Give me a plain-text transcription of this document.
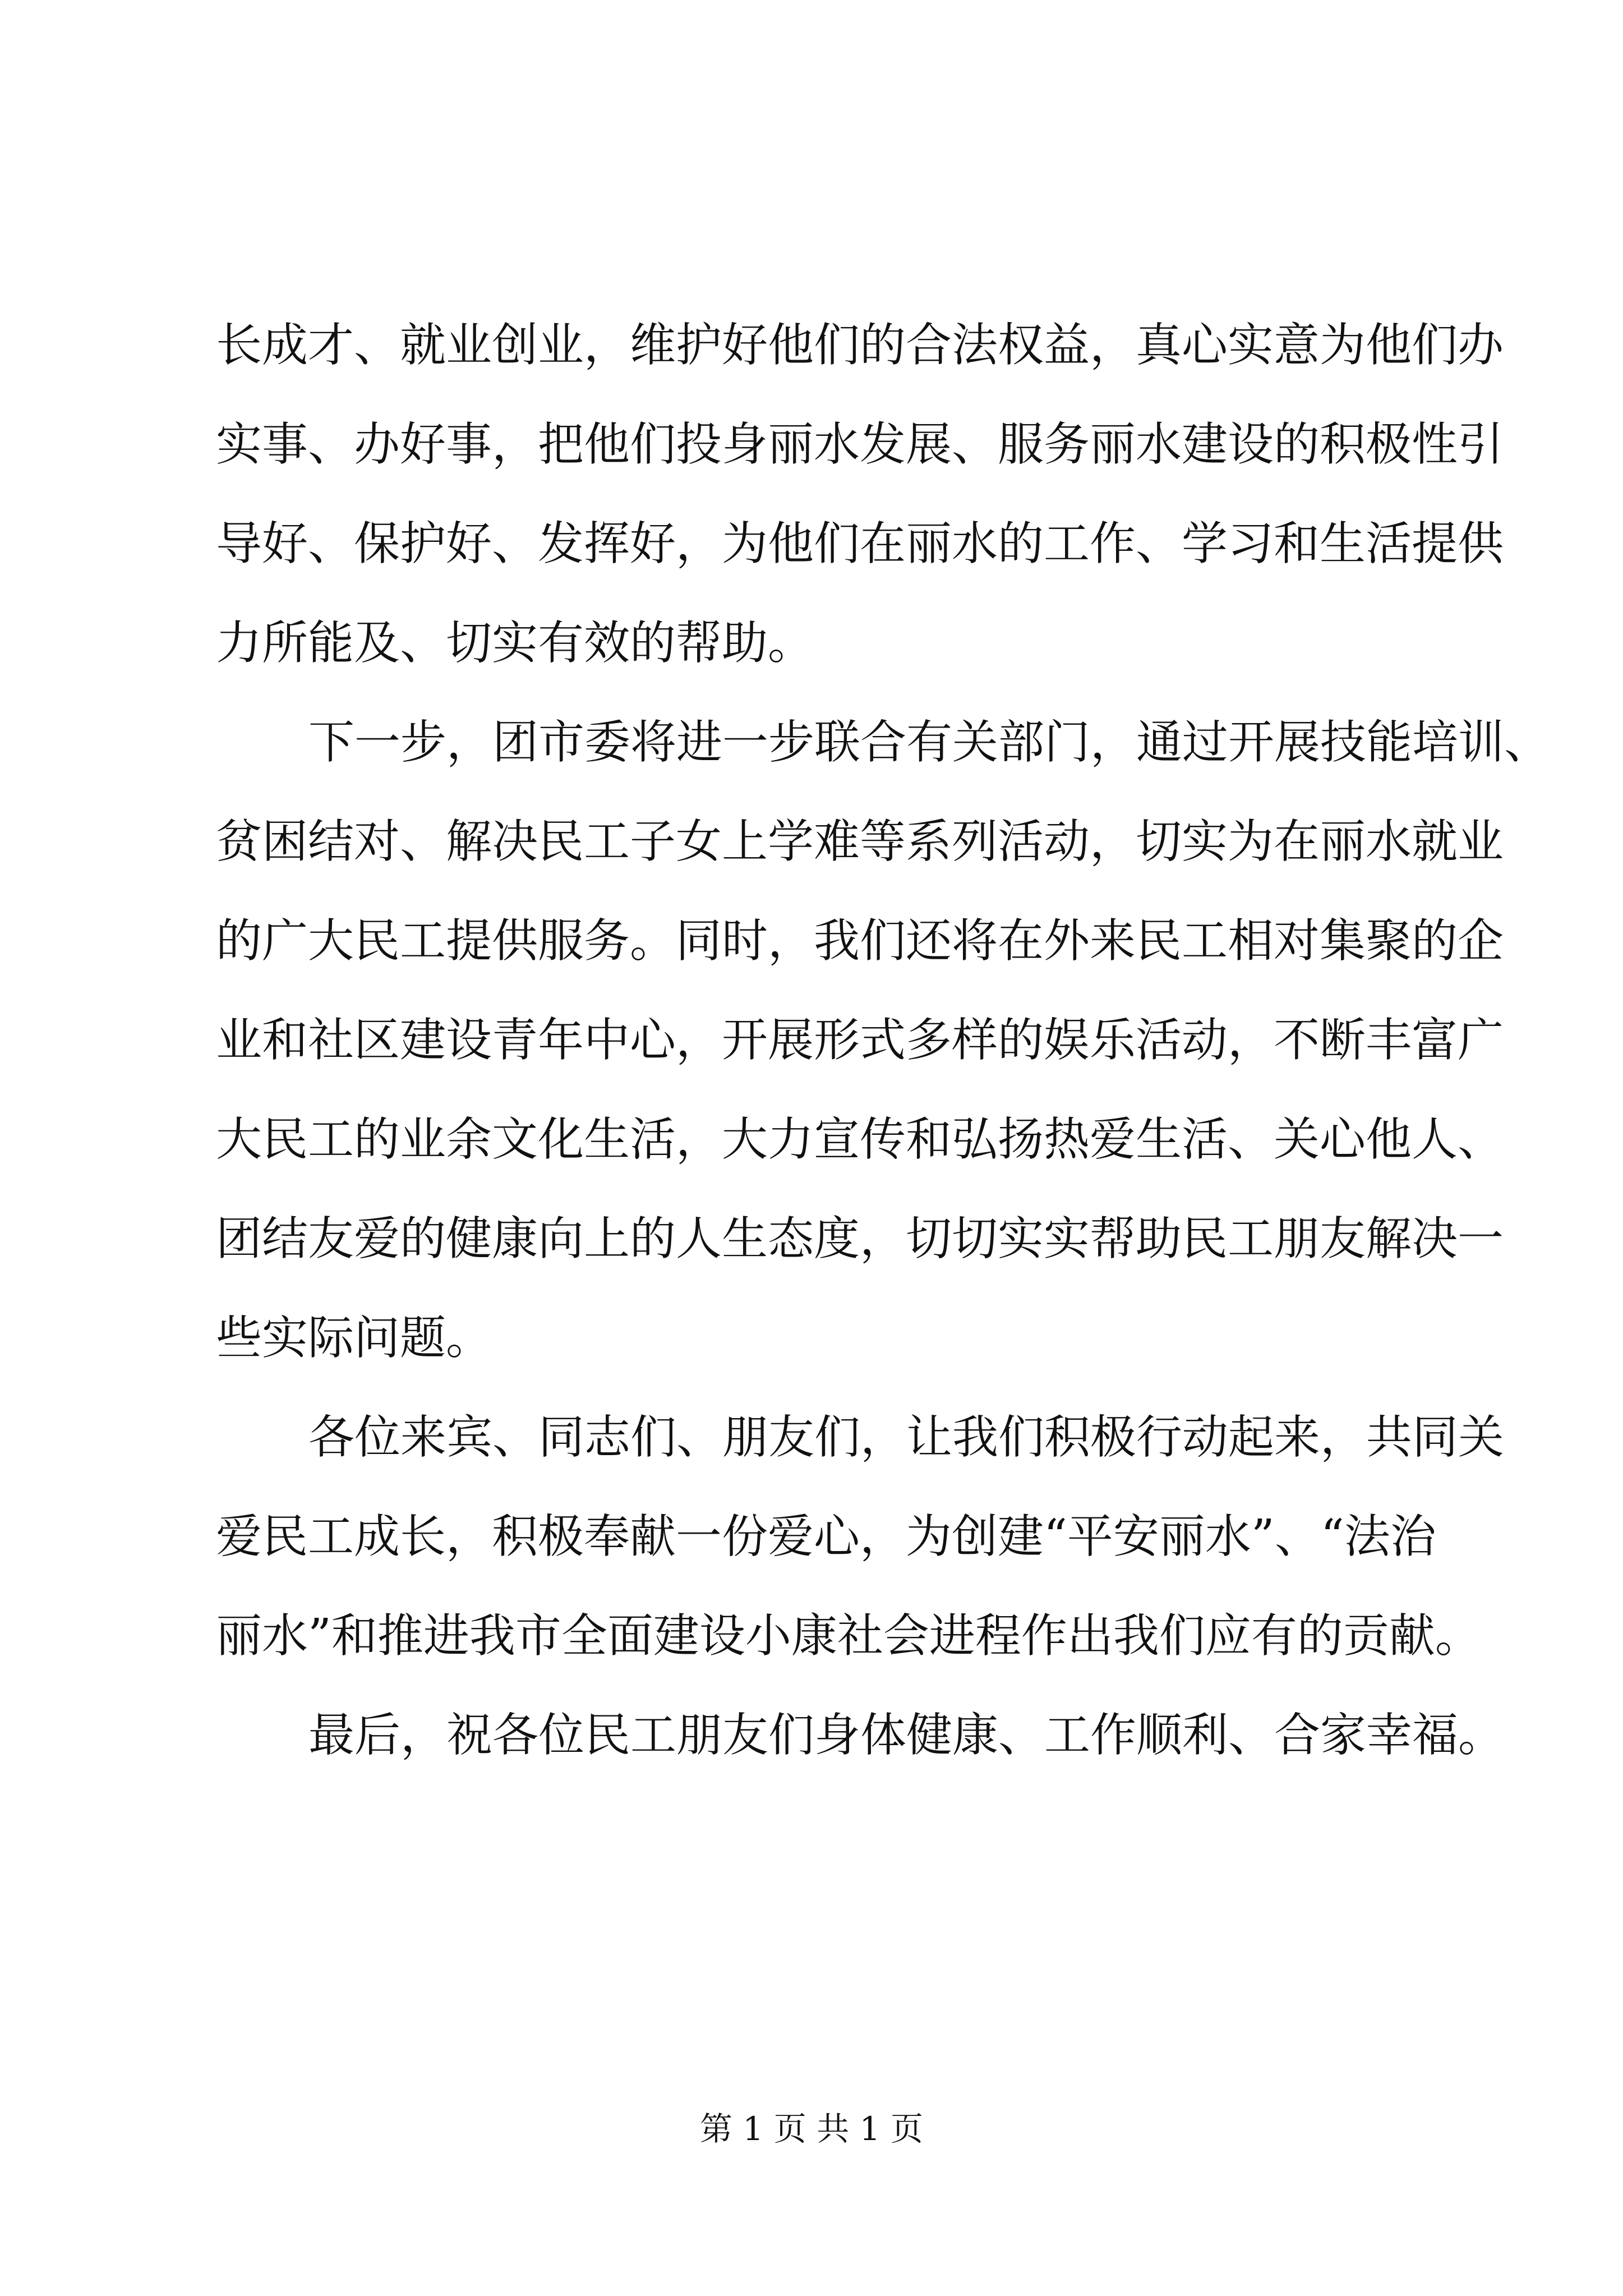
长成才、就业创业，维护好他们的合法权益，真心实意为他们办
实事、办好事，把他们投身丽水发展、服务丽水建设的积极性引
导好、保护好、发挥好，为他们在丽水的工作、学习和生活提供
力所能及、切实有效的帮助。
下一步，团市委将进一步联合有关部门，通过开展技能培训、
贫困结对、解决民工子女上学难等系列活动，切实为在丽水就业
的广大民工提供服务。同时，我们还将在外来民工相对集聚的企
业和社区建设青年中心，开展形式多样的娱乐活动，不断丰富广
大民工的业余文化生活，大力宣传和弘扬热爱生活、关心他人、
团结友爱的健康向上的人生态度，切切实实帮助民工朋友解决一
些实际问题。
各位来宾、同志们、朋友们，让我们积极行动起来，共同关
爱民工成长，积极奉献一份爱心，为创建“平安丽水”、“法治
丽水”和推进我市全面建设小康社会进程作出我们应有的贡献。
最后，祝各位民工朋友们身体健康、工作顺利、合家幸福。
第 1 页 共 1 页
